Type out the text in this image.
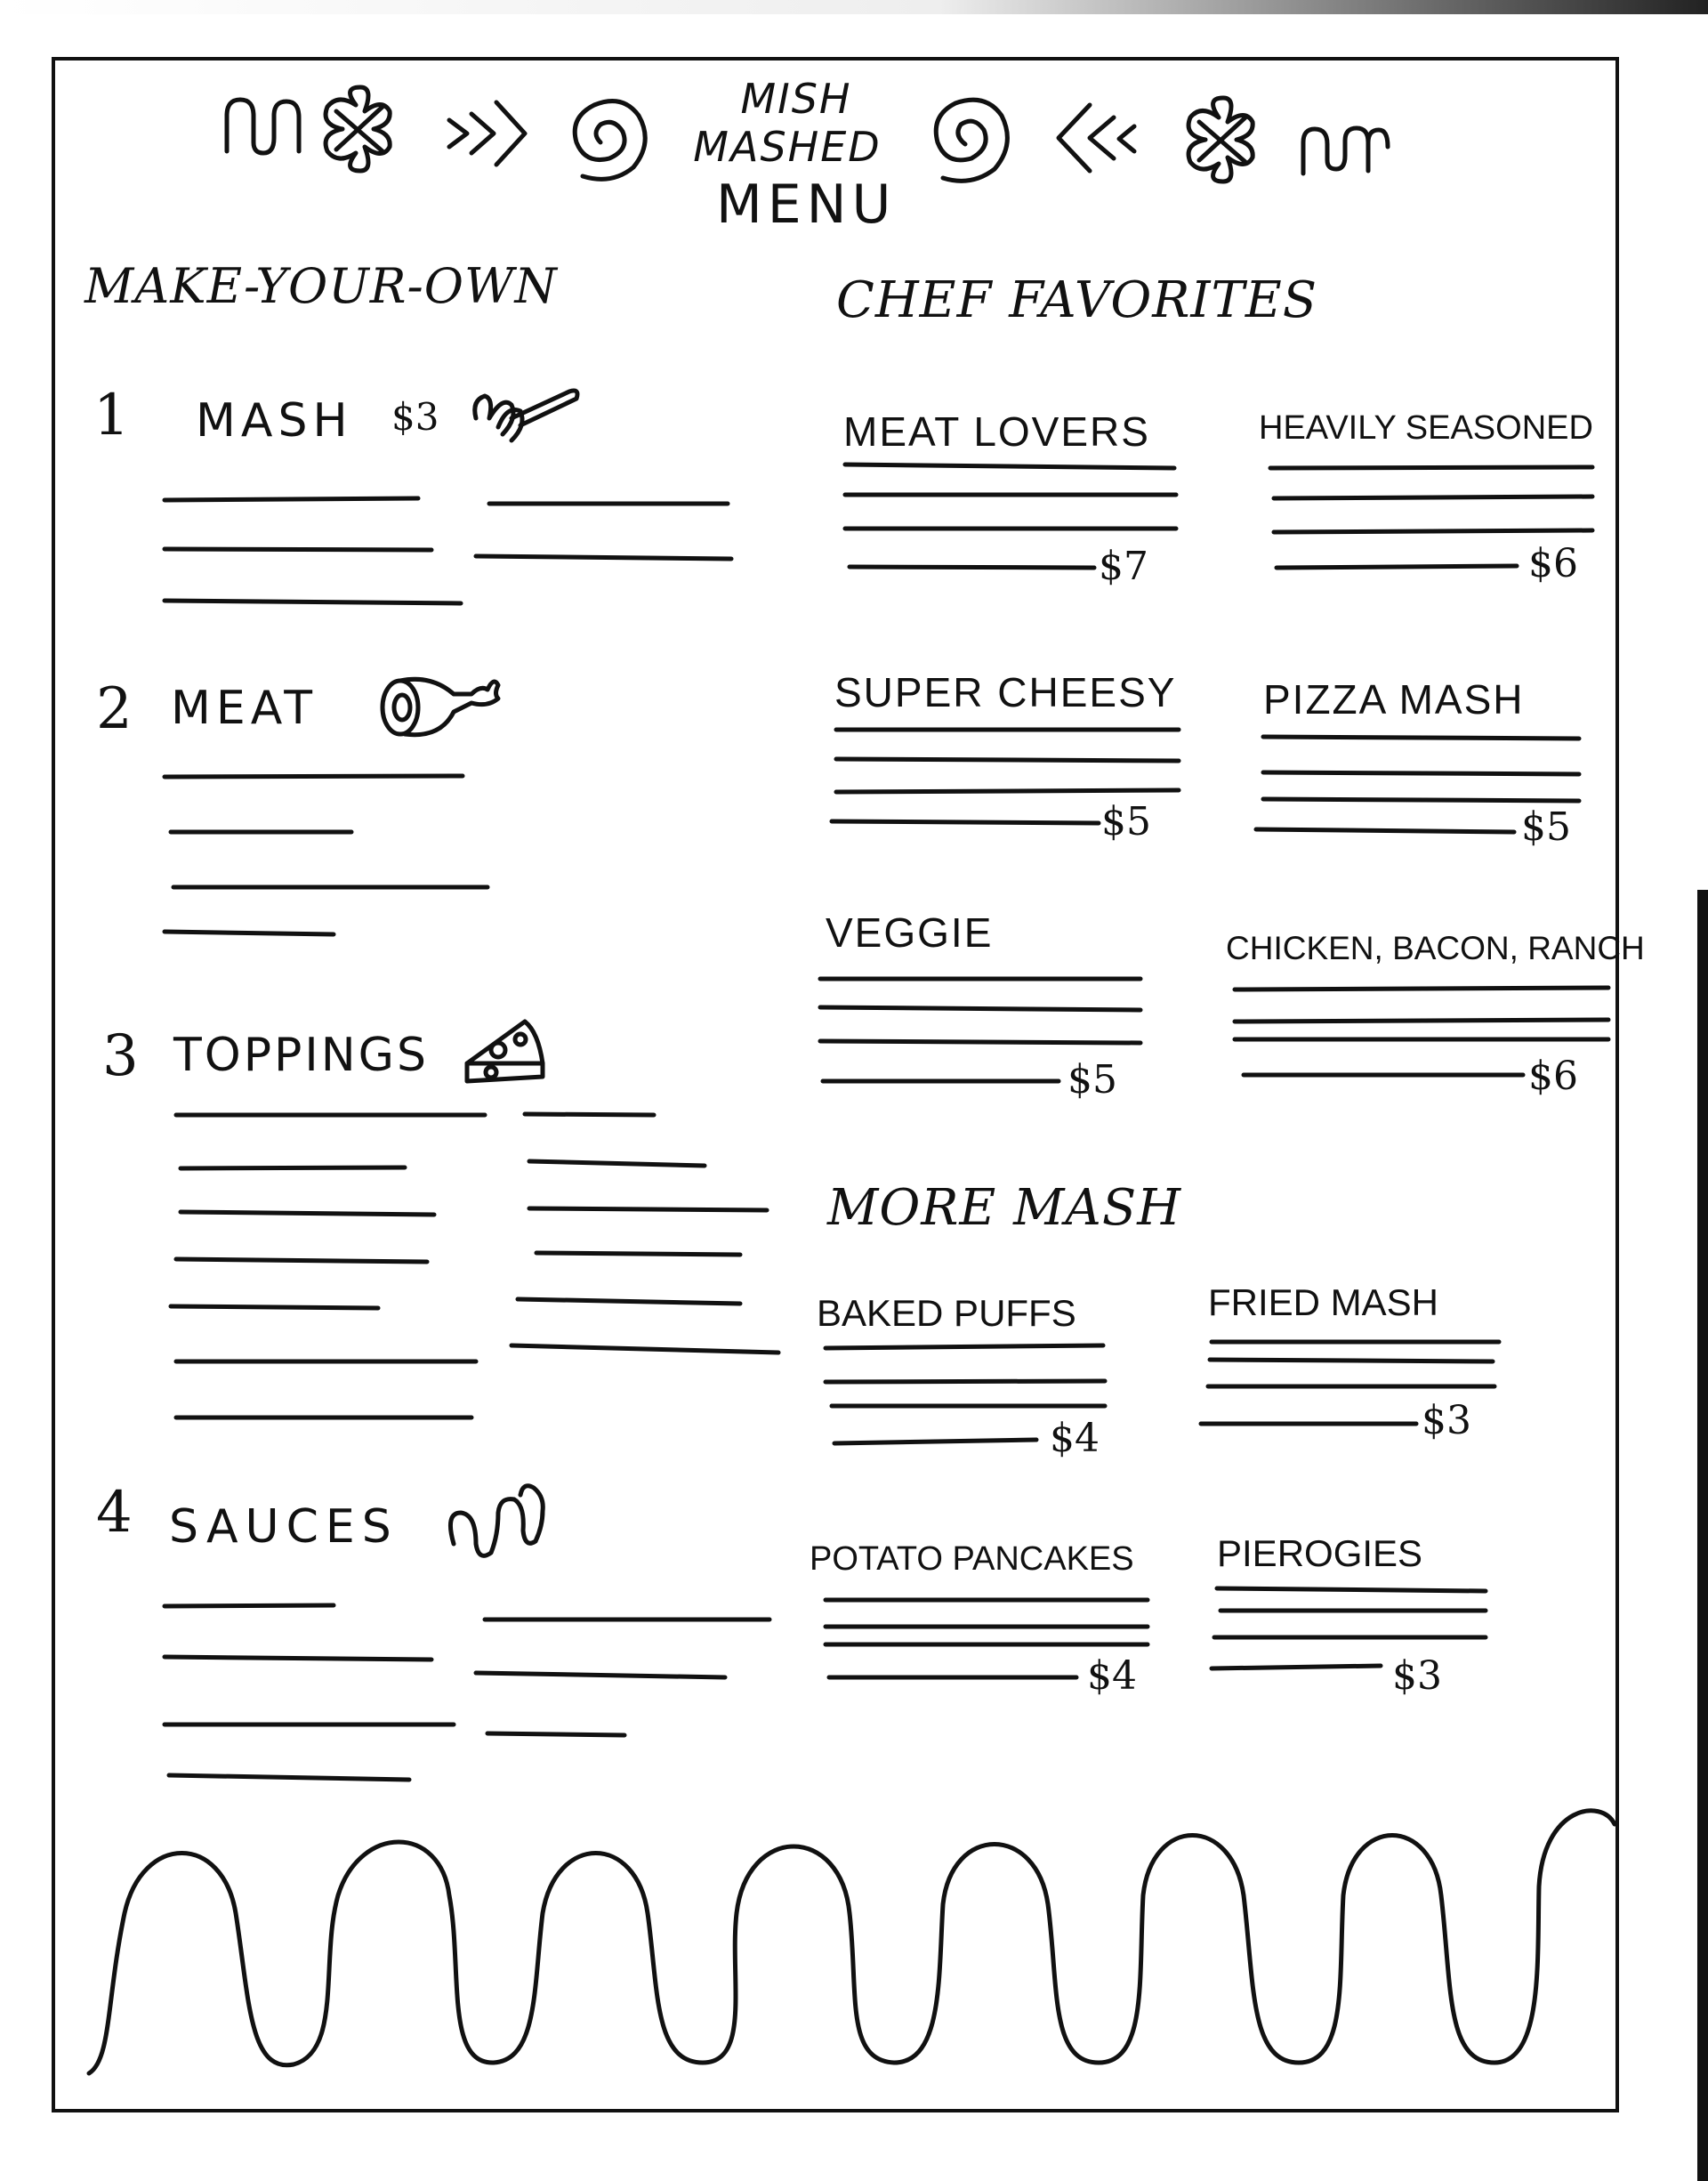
MISH
MASHED
MENU
MAKE-YOUR-OWN	CHEF FAVORITES
MORE MASH
1 MASH $3
2 MEAT
3 TOPPINGS
4 SAUCES
MEAT LOVERS
$7
HEAVILY SEASONED
$6
SUPER CHEESY
$5
PIZZA MASH
$5
VEGGIE
$5
CHICKEN, BACON, RANCH
$6
BAKED PUFFS
$4
FRIED MASH
$3
POTATO PANCAKES
$4
PIEROGIES
$3
